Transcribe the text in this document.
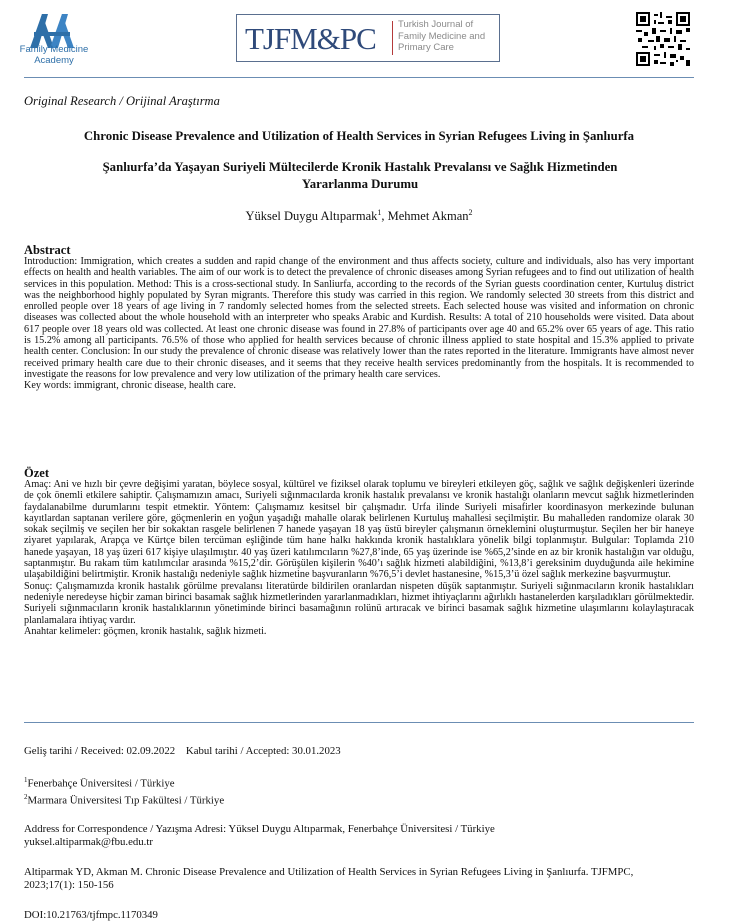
Family Medicine
Academy
TJFM&PC Turkish Journal of
Family Medicine and
Primary Care
Original Research / Orijinal Araştırma
Chronic Disease Prevalence and Utilization of Health Services in Syrian Refugees Living in Şanlıurfa
Şanlıurfa’da Yaşayan Suriyeli Mültecilerde Kronik Hastalık Prevalansı ve Sağlık Hizmetinden Yararlanma Durumu
Yüksel Duygu Altıparmak$^1$, Mehmet Akman$^2$
Abstract

Introduction: Immigration, which creates a sudden and rapid change of the environment and thus affects society, culture and individuals, also has very important effects on health and health variables. The aim of our work is to detect the prevalence of chronic diseases among Syrian refugees and to find out utilization of health services in this population. Method: This is a cross-sectional study. In Sanliurfa, according to the records of the Syrian guests coordination center, Kurtuluş district was the neighborhood highly populated by Syran migrants. Therefore this study was carried in this region. We randomly selected 30 streets from this district and enrolled people over 18 years of age living in 7 randomly selected homes from the selected streets. Each selected house was visited and information on chronic diseases was collected about the whole household with an interpreter who speaks Arabic and Kurdish. Results: A total of 210 households were visited. Data about 617 people over 18 years old was collected. At least one chronic disease was found in 27.8% of participants over age 40 and 65.2% over 65 years of age. This ratio is 15.2% among all participants. 76.5% of those who applied for health services because of chronic illness applied to state hospital and 15.3% applied to private health center. Conclusion: In our study the prevalence of chronic disease was relatively lower than the rates reported in the literature. Immigrants have almost never received primary health care due to their chronic diseases, and it seems that they receive health services predominantly from the hospitals. It is recommended to investigate the reasons for low prevalence and very low utilization of the primary health care services.

Key words: immigrant, chronic disease, health care.

Özet

Amaç: Ani ve hızlı bir çevre değişimi yaratan, böylece sosyal, kültürel ve fiziksel olarak toplumu ve bireyleri etkileyen göç, sağlık ve sağlık değişkenleri üzerinde de çok önemli etkilere sahiptir. Çalışmamızın amacı, Suriyeli sığınmacılarda kronik hastalık prevalansı ve kronik hastalığı olanların mevcut sağlık hizmetlerinden faydalanabilme durumlarını tespit etmektir. Yöntem: Çalışmamız kesitsel bir çalışmadır. Urfa ilinde Suriyeli misafirler koordinasyon merkezinde bulunan kayıtlardan saptanan verilere göre, göçmenlerin en yoğun yaşadığı mahalle olarak belirlenen Kurtuluş mahallesi seçilmiştir. Bu mahalleden randomize olarak 30 sokak seçilmiş ve seçilen her bir sokaktan rasgele belirlenen 7 hanede yaşayan 18 yaş üstü bireyler çalışmanın örneklemini oluşturmuştur. Seçilen her bir haneye ziyaret yapılarak, Arapça ve Kürtçe bilen tercüman eşliğinde tüm hane halkı hakkında kronik hastalıklara yönelik bilgi toplanmıştır. Bulgular: Toplamda 210 hanede yaşayan, 18 yaş üzeri 617 kişiye ulaşılmıştır. 40 yaş üzeri katılımcıların %27,8’inde, 65 yaş üzerinde ise %65,2’sinde en az bir kronik hastalığın var olduğu, saptanmıştır. Bu rakam tüm katılımcılar arasında %15,2’dir. Görüşülen kişilerin %40’ı sağlık hizmeti alabildiğini, %13,8’i gereksinim duyduğunda aile hekimine ulaşabildiğini belirtmiştir. Kronik hastalığı nedeniyle sağlık hizmetine başvuranların %76,5’i devlet hastanesine, %15,3’ü özel sağlık merkezine başvurmuştur.

Sonuç: Çalışmamızda kronik hastalık görülme prevalansı literatürde bildirilen oranlardan nispeten düşük saptanmıştır. Suriyeli sığınmacıların kronik hastalıkları nedeniyle neredeyse hiçbir zaman birinci basamak sağlık hizmetlerinden yararlanmadıkları, hizmet ihtiyaçlarını ağırlıklı hastanelerden karşıladıkları görülmektedir. Suriyeli sığınmacıların kronik hastalıklarının yönetiminde birinci basamağının rolünü artıracak ve birinci basamak sağlık hizmetine ulaşımlarını kolaylaştıracak planlamalara ihtiyaç vardır.

Anahtar kelimeler: göçmen, kronik hastalık, sağlık hizmeti.

Geliş tarihi / Received: 02.09.2022    Kabul tarihi / Accepted: 30.01.2023
$^1$Fenerbahçe Üniversitesi / Türkiye
$^2$Marmara Üniversitesi Tıp Fakültesi / Türkiye
Address for Correspondence / Yazışma Adresi: Yüksel Duygu Altıparmak, Fenerbahçe Üniversitesi / Türkiye
yuksel.altiparmak@fbu.edu.tr
Altiparmak YD, Akman M. Chronic Disease Prevalence and Utilization of Health Services in Syrian Refugees Living in Şanlıurfa. TJFMPC, 2023;17(1): 150-156
DOI:10.21763/tjfmpc.1170349
